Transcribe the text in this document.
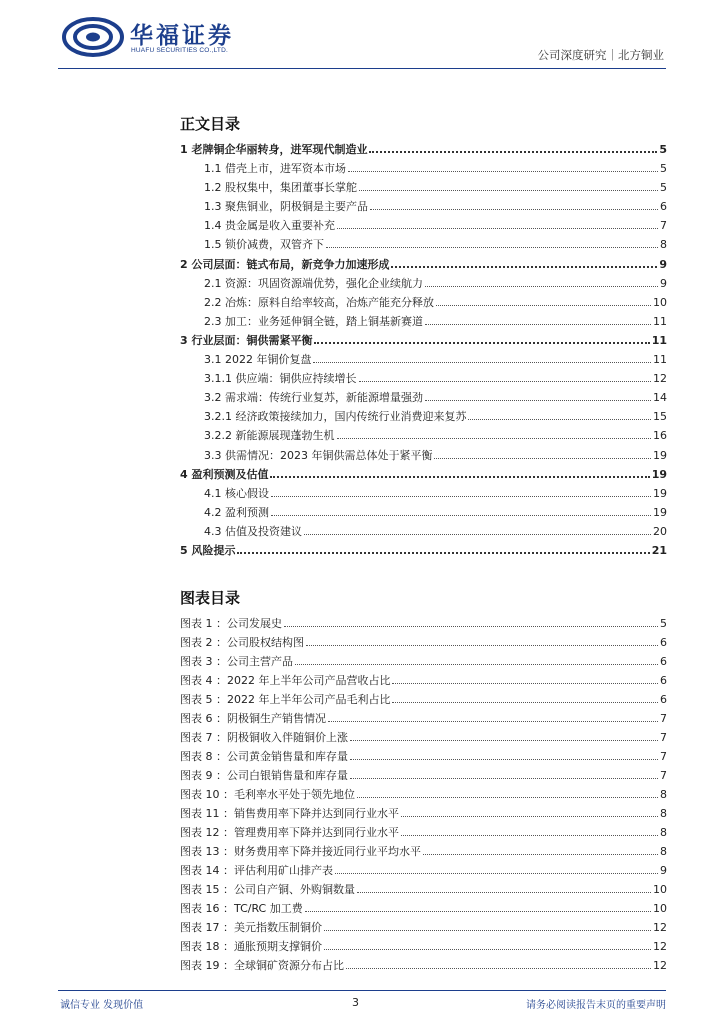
华福证券
HUAFU SECURITIES CO.,LTD.	公司深度研究｜北方铜业
正文目录
1 老牌铜企华丽转身，进军现代制造业	5
1.1 借壳上市，进军资本市场	5
1.2 股权集中，集团董事长掌舵	5
1.3 聚焦铜业，阴极铜是主要产品	6
1.4 贵金属是收入重要补充	7
1.5 锁价减费，双管齐下	8
2 公司层面：链式布局，新竞争力加速形成	9
2.1 资源：巩固资源端优势，强化企业续航力	9
2.2 冶炼：原料自给率较高，冶炼产能充分释放	10
2.3 加工：业务延伸铜全链，踏上铜基新赛道	11
3 行业层面：铜供需紧平衡	11
3.1 2022 年铜价复盘	11
3.1.1 供应端：铜供应持续增长	12
3.2 需求端：传统行业复苏，新能源增量强劲	14
3.2.1 经济政策接续加力，国内传统行业消费迎来复苏	15
3.2.2 新能源展现蓬勃生机	16
3.3 供需情况：2023 年铜供需总体处于紧平衡	19
4 盈利预测及估值	19
4.1 核心假设	19
4.2 盈利预测	19
4.3 估值及投资建议	20
5 风险提示	21
图表目录
图表 1 ：公司发展史	5
图表 2 ：公司股权结构图	6
图表 3 ：公司主营产品	6
图表 4 ：2022 年上半年公司产品营收占比	6
图表 5 ：2022 年上半年公司产品毛利占比	6
图表 6 ：阴极铜生产销售情况	7
图表 7 ：阴极铜收入伴随铜价上涨	7
图表 8 ：公司黄金销售量和库存量	7
图表 9 ：公司白银销售量和库存量	7
图表 10 ：毛利率水平处于领先地位	8
图表 11 ：销售费用率下降并达到同行业水平	8
图表 12 ：管理费用率下降并达到同行业水平	8
图表 13 ：财务费用率下降并接近同行业平均水平	8
图表 14 ：评估利用矿山排产表	9
图表 15 ：公司自产铜、外购铜数量	10
图表 16 ：TC/RC 加工费	10
图表 17 ：美元指数压制铜价	12
图表 18 ：通胀预期支撑铜价	12
图表 19 ：全球铜矿资源分布占比	12
诚信专业 发现价值	3	请务必阅读报告末页的重要声明
